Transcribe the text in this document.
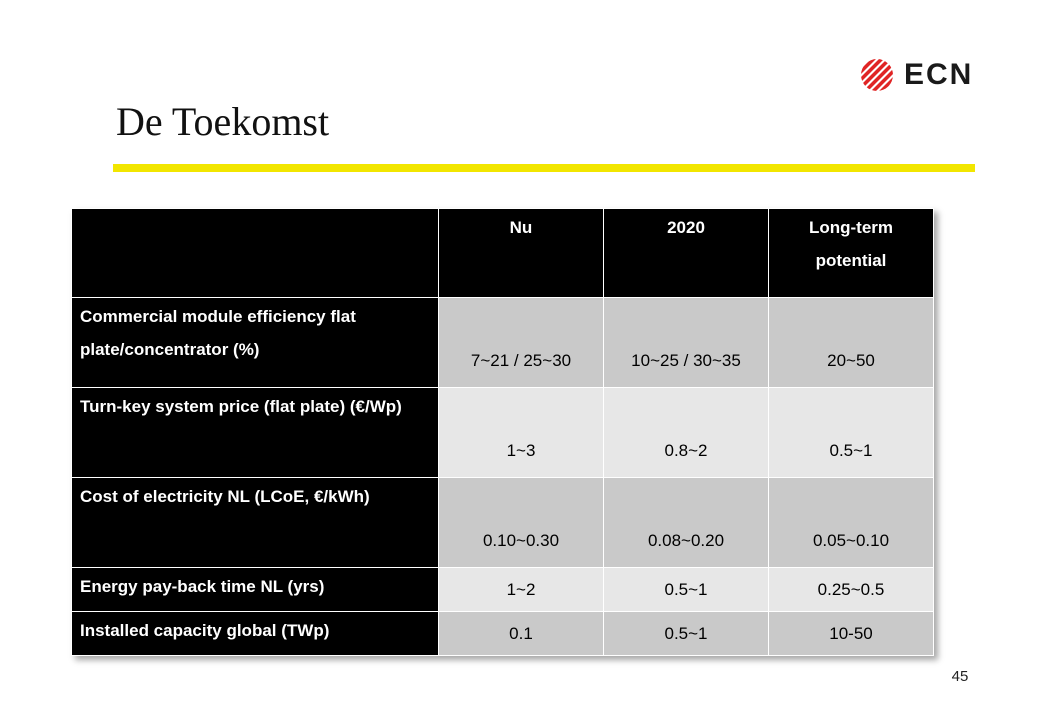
ECN
De Toekomst
	Nu	2020	Long-term potential
Commercial module efficiency flat plate/concentrator (%)	7~21 / 25~30	10~25 / 30~35	20~50
Turn-key system price (flat plate) (€/Wp)	1~3	0.8~2	0.5~1
Cost of electricity NL (LCoE, €/kWh)	0.10~0.30	0.08~0.20	0.05~0.10
Energy pay-back time NL (yrs)	1~2	0.5~1	0.25~0.5
Installed capacity global (TWp)	0.1	0.5~1	10-50
45
